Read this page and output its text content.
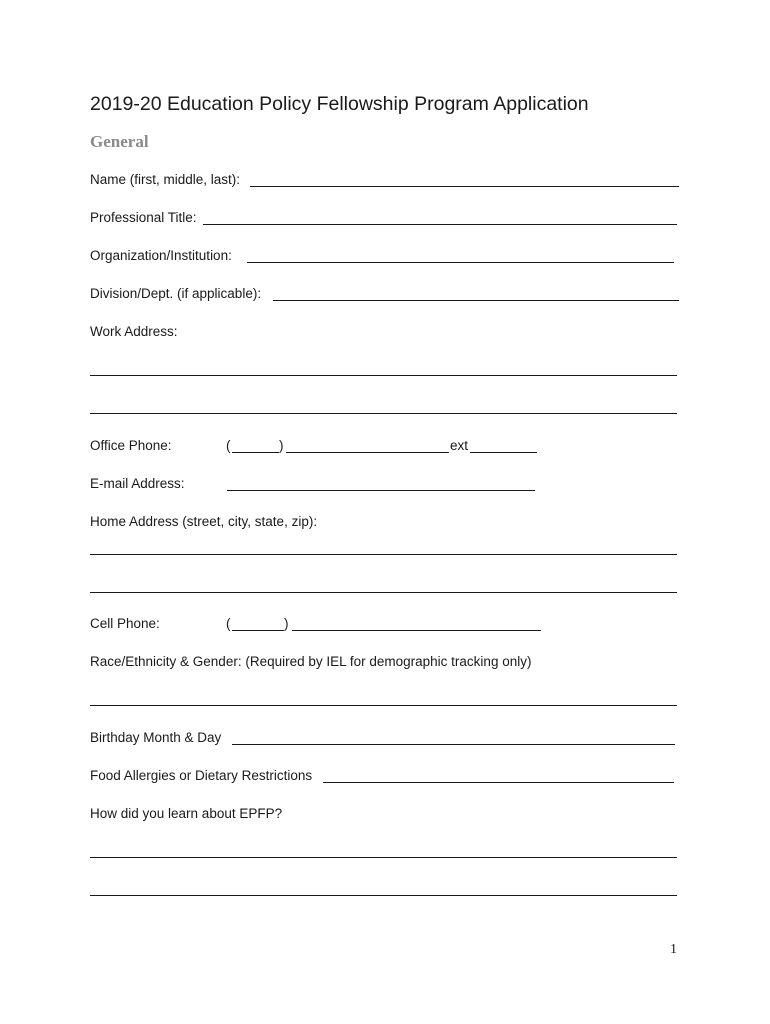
2019-20 Education Policy Fellowship Program Application
General
Name (first, middle, last):
Professional Title:
Organization/Institution:
Division/Dept. (if applicable):
Work Address:
Office Phone:	(	)	ext
E-mail Address:
Home Address (street, city, state, zip):
Cell Phone:	(	)
Race/Ethnicity & Gender: (Required by IEL for demographic tracking only)
Birthday Month & Day
Food Allergies or Dietary Restrictions
How did you learn about EPFP?
1
